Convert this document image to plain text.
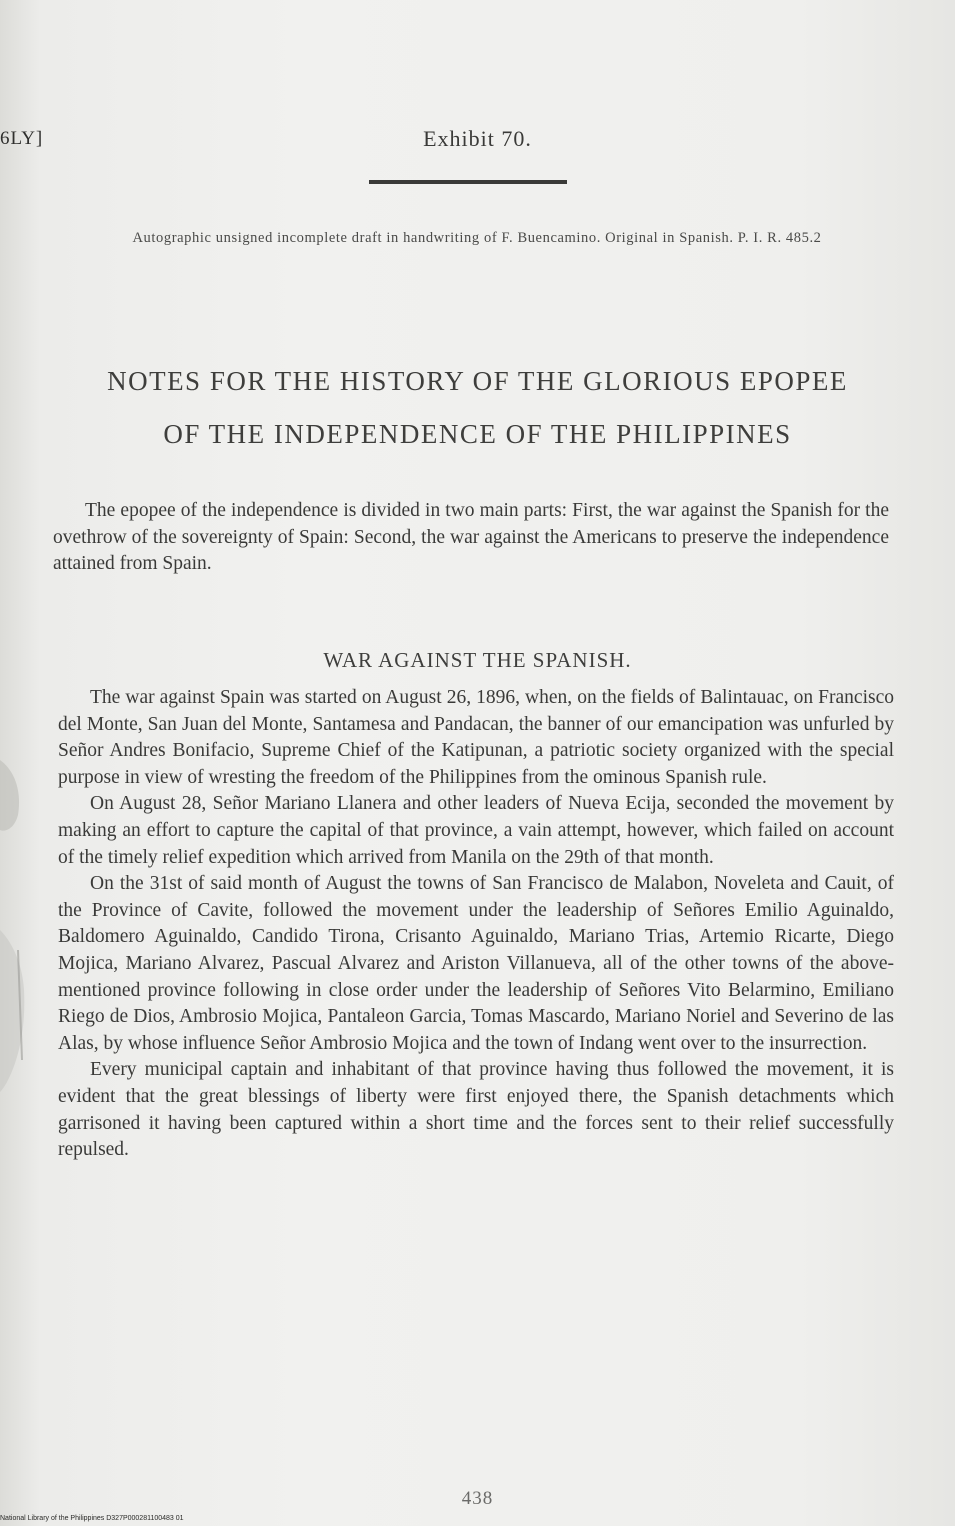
6LY]	Exhibit 70.
Autographic unsigned incomplete draft in handwriting of F. Buencamino. Original in Spanish. P. I. R. 485.2
NOTES FOR THE HISTORY OF THE GLORIOUS EPOPEE
OF THE INDEPENDENCE OF THE PHILIPPINES

The epopee of the independence is divided in two main parts: First, the war against the Spanish for the ovethrow of the sovereignty of Spain: Second, the war against the Americans to preserve the independence attained from Spain.

WAR AGAINST THE SPANISH.

The war against Spain was started on August 26, 1896, when, on the fields of Balintauac, on Francisco del Monte, San Juan del Monte, Santamesa and Pandacan, the banner of our emancipation was unfurled by Señor Andres Bonifacio, Supreme Chief of the Katipunan, a patriotic society organized with the special purpose in view of wresting the freedom of the Philippines from the ominous Spanish rule.

On August 28, Señor Mariano Llanera and other leaders of Nueva Ecija, seconded the movement by making an effort to capture the capital of that province, a vain attempt, however, which failed on account of the timely relief expedition which arrived from Manila on the 29th of that month.

On the 31st of said month of August the towns of San Francisco de Malabon, Noveleta and Cauit, of the Province of Cavite, followed the movement under the leadership of Señores Emilio Aguinaldo, Baldomero Aguinaldo, Candido Tirona, Crisanto Aguinaldo, Mariano Trias, Artemio Ricarte, Diego Mojica, Mariano Alvarez, Pascual Alvarez and Ariston Villanueva, all of the other towns of the above-mentioned province following in close order under the leadership of Señores Vito Belarmino, Emiliano Riego de Dios, Ambrosio Mojica, Pantaleon Garcia, Tomas Mascardo, Mariano Noriel and Severino de las Alas, by whose influence Señor Ambrosio Mojica and the town of Indang went over to the insurrection.

Every municipal captain and inhabitant of that province having thus followed the movement, it is evident that the great blessings of liberty were first enjoyed there, the Spanish detachments which garrisoned it having been captured within a short time and the forces sent to their relief successfully repulsed.

438
National Library of the Philippines D327P000281100483 01
